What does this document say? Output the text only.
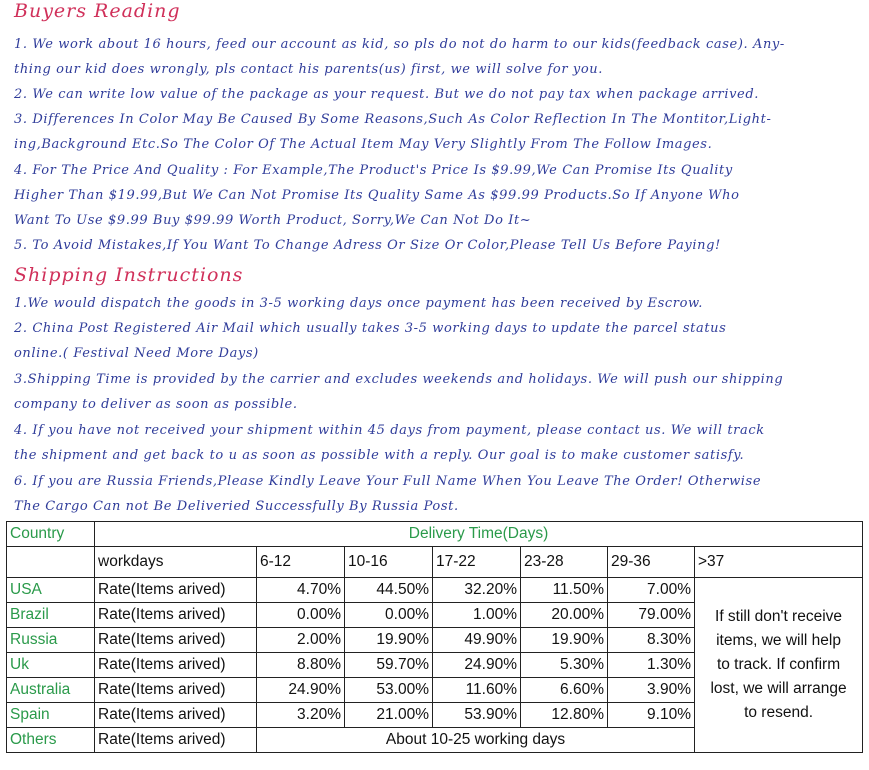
Buyers Reading
1. We work about 16 hours, feed our account as kid, so pls do not do harm to our kids(feedback case). Any-
thing our kid does wrongly, pls contact his parents(us) first, we will solve for you.
2. We can write low value of the package as your request. But we do not pay tax when package arrived.
3. Differences In Color May Be Caused By Some Reasons,Such As Color Reflection In The Montitor,Light-
ing,Background Etc.So The Color Of The Actual Item May Very Slightly From The Follow Images.
4. For The Price And Quality : For Example,The Product's Price Is $9.99,We Can Promise Its Quality
Higher Than $19.99,But We Can Not Promise Its Quality Same As $99.99 Products.So If Anyone Who
Want To Use $9.99 Buy $99.99 Worth Product, Sorry,We Can Not Do It~
5. To Avoid Mistakes,If You Want To Change Adress Or Size Or Color,Please Tell Us Before Paying!
Shipping Instructions
1.We would dispatch the goods in 3-5 working days once payment has been received by Escrow.
2. China Post Registered Air Mail which usually takes 3-5 working days to update the parcel status
online.( Festival Need More Days)
3.Shipping Time is provided by the carrier and excludes weekends and holidays. We will push our shipping
company to deliver as soon as possible.
4. If you have not received your shipment within 45 days from payment, please contact us. We will track
the shipment and get back to u as soon as possible with a reply. Our goal is to make customer satisfy.
6. If you are Russia Friends,Please Kindly Leave Your Full Name When You Leave The Order! Otherwise
The Cargo Can not Be Deliveried Successfully By Russia Post.
Country	Delivery Time(Days)						
	workdays	6-12	10-16	17-22	23-28	29-36	>37
USA	Rate(Items arived)	4.70%	44.50%	32.20%	11.50%	7.00%	If still don't receive
items, we will help
to track. If confirm
lost, we will arrange
to resend.

Brazil	Rate(Items arived)	0.00%	0.00%	1.00%	20.00%	79.00%	
Russia	Rate(Items arived)	2.00%	19.90%	49.90%	19.90%	8.30%	
Uk	Rate(Items arived)	8.80%	59.70%	24.90%	5.30%	1.30%	
Australia	Rate(Items arived)	24.90%	53.00%	11.60%	6.60%	3.90%	
Spain	Rate(Items arived)	3.20%	21.00%	53.90%	12.80%	9.10%	
Others	Rate(Items arived)	About 10-25 working days					
